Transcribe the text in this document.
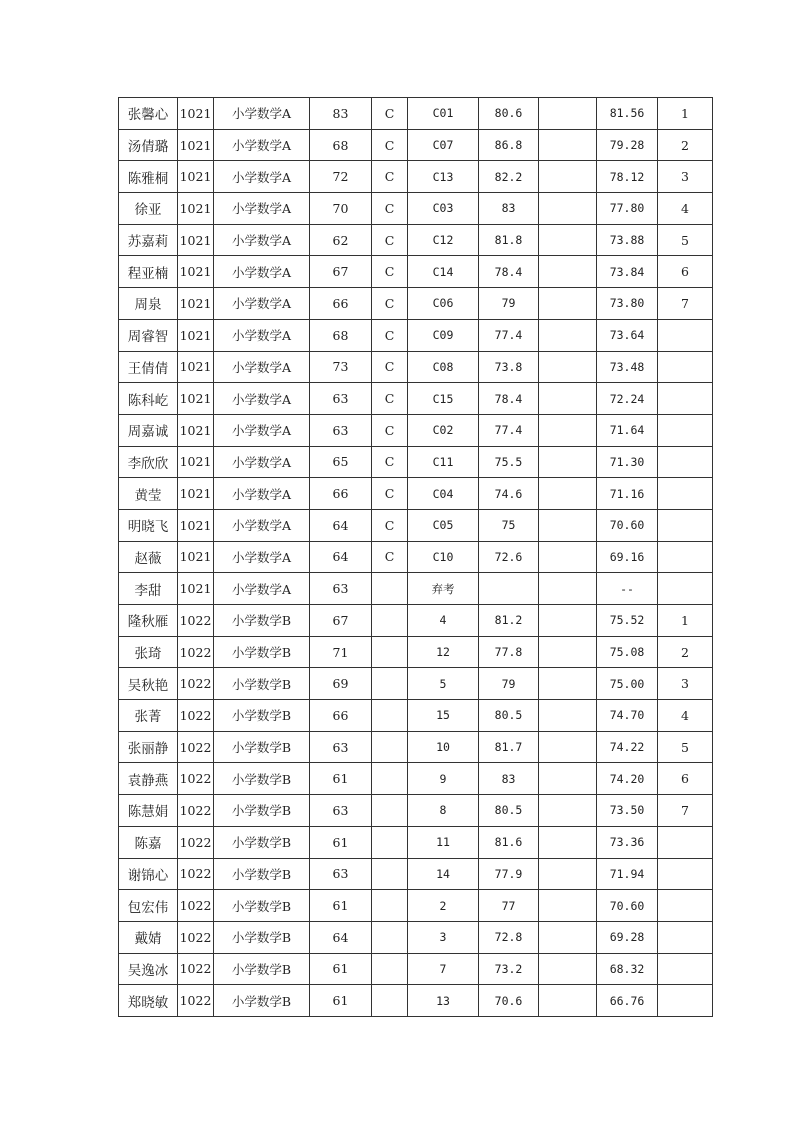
张馨心	1021	小学数学A	83	C	C01	80.6		81.56	1
汤倩璐	1021	小学数学A	68	C	C07	86.8		79.28	2
陈雅桐	1021	小学数学A	72	C	C13	82.2		78.12	3
徐亚	1021	小学数学A	70	C	C03	83		77.80	4
苏嘉莉	1021	小学数学A	62	C	C12	81.8		73.88	5
程亚楠	1021	小学数学A	67	C	C14	78.4		73.84	6
周泉	1021	小学数学A	66	C	C06	79		73.80	7
周睿智	1021	小学数学A	68	C	C09	77.4		73.64	
王倩倩	1021	小学数学A	73	C	C08	73.8		73.48	
陈科屹	1021	小学数学A	63	C	C15	78.4		72.24	
周嘉诚	1021	小学数学A	63	C	C02	77.4		71.64	
李欣欣	1021	小学数学A	65	C	C11	75.5		71.30	
黄莹	1021	小学数学A	66	C	C04	74.6		71.16	
明晓飞	1021	小学数学A	64	C	C05	75		70.60	
赵薇	1021	小学数学A	64	C	C10	72.6		69.16	
李甜	1021	小学数学A	63		弃考			--	
隆秋雁	1022	小学数学B	67		4	81.2		75.52	1
张琦	1022	小学数学B	71		12	77.8		75.08	2
吴秋艳	1022	小学数学B	69		5	79		75.00	3
张菁	1022	小学数学B	66		15	80.5		74.70	4
张丽静	1022	小学数学B	63		10	81.7		74.22	5
袁静燕	1022	小学数学B	61		9	83		74.20	6
陈慧娟	1022	小学数学B	63		8	80.5		73.50	7
陈嘉	1022	小学数学B	61		11	81.6		73.36	
谢锦心	1022	小学数学B	63		14	77.9		71.94	
包宏伟	1022	小学数学B	61		2	77		70.60	
戴婧	1022	小学数学B	64		3	72.8		69.28	
吴逸冰	1022	小学数学B	61		7	73.2		68.32	
郑晓敏	1022	小学数学B	61		13	70.6		66.76	
